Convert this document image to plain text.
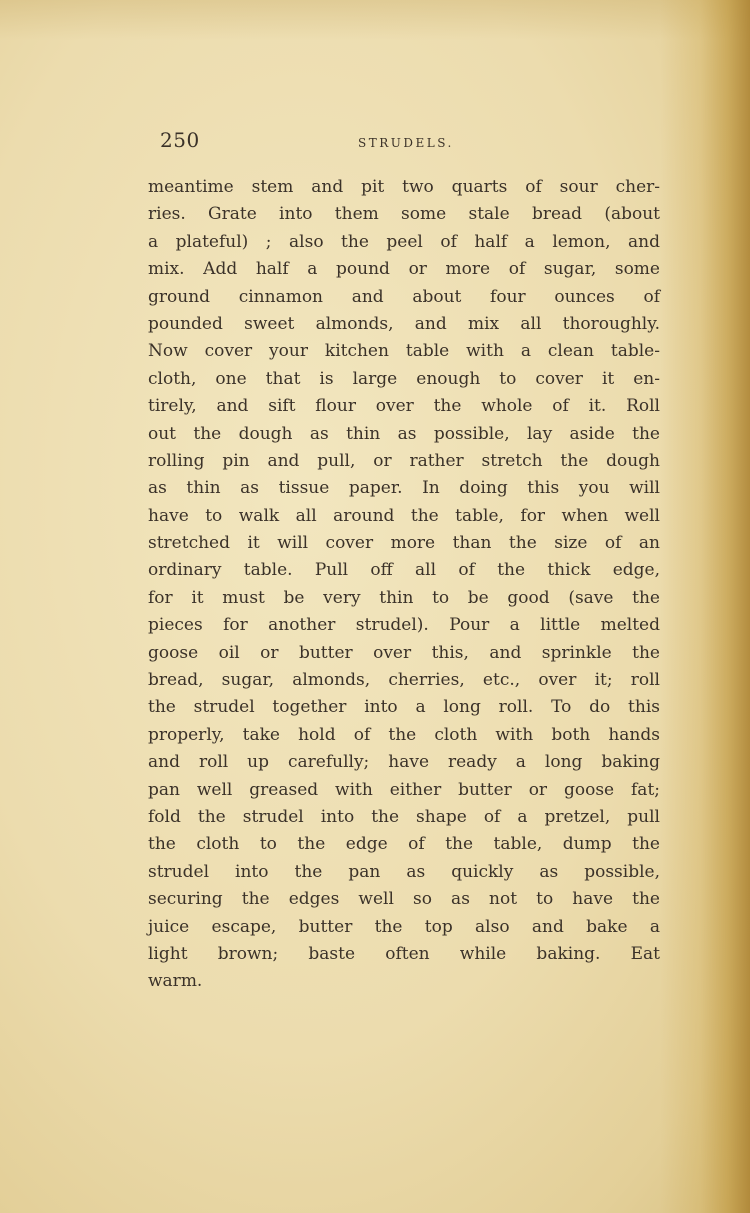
250	STRUDELS.
meantime stem and pit two quarts of sour cher-
ries. Grate into them some stale bread (about
a plateful) ; also the peel of half a lemon, and
mix. Add half a pound or more of sugar, some
ground cinnamon and about four ounces of
pounded sweet almonds, and mix all thoroughly.
Now cover your kitchen table with a clean table-
cloth, one that is large enough to cover it en-
tirely, and sift flour over the whole of it. Roll
out the dough as thin as possible, lay aside the
rolling pin and pull, or rather stretch the dough
as thin as tissue paper. In doing this you will
have to walk all around the table, for when well
stretched it will cover more than the size of an
ordinary table. Pull off all of the thick edge,
for it must be very thin to be good (save the
pieces for another strudel). Pour a little melted
goose oil or butter over this, and sprinkle the
bread, sugar, almonds, cherries, etc., over it; roll
the strudel together into a long roll. To do this
properly, take hold of the cloth with both hands
and roll up carefully; have ready a long baking
pan well greased with either butter or goose fat;
fold the strudel into the shape of a pretzel, pull
the cloth to the edge of the table, dump the
strudel into the pan as quickly as possible,
securing the edges well so as not to have the
juice escape, butter the top also and bake a
light brown; baste often while baking. Eat
warm.
